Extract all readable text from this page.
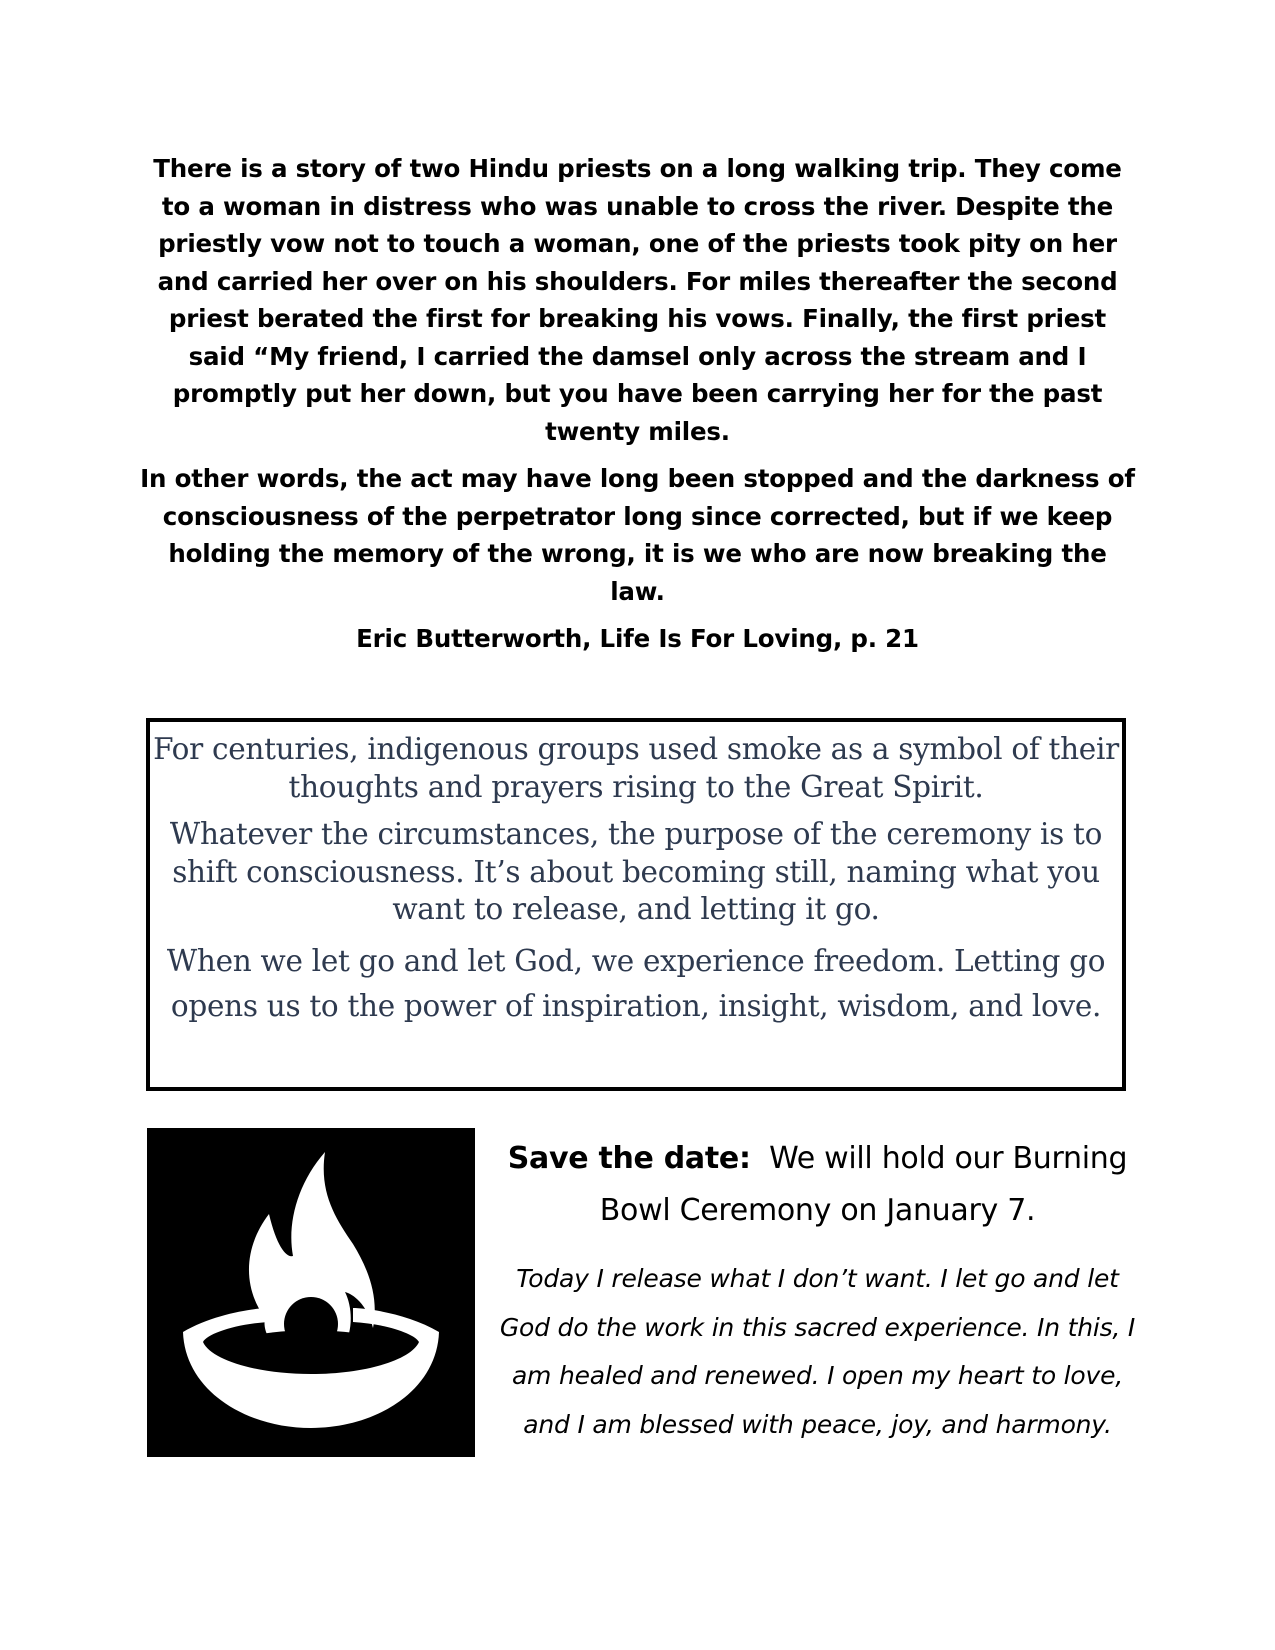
There is a story of two Hindu priests on a long walking trip. They come to a woman in distress who was unable to cross the river. Despite the priestly vow not to touch a woman, one of the priests took pity on her and carried her over on his shoulders. For miles thereafter the second priest berated the first for breaking his vows. Finally, the first priest said “My friend, I carried the damsel only across the stream and I promptly put her down, but you have been carrying her for the past twenty miles.

In other words, the act may have long been stopped and the darkness of consciousness of the perpetrator long since corrected, but if we keep holding the memory of the wrong, it is we who are now breaking the law.

Eric Butterworth, Life Is For Loving, p. 21

For centuries, indigenous groups used smoke as a symbol of their thoughts and prayers rising to the Great Spirit.

Whatever the circumstances, the purpose of the ceremony is to shift consciousness. It’s about becoming still, naming what you want to release, and letting it go.

When we let go and let God, we experience freedom. Letting go opens us to the power of inspiration, insight, wisdom, and love.

Save the date: We will hold our Burning Bowl Ceremony on January 7.

Today I release what I don’t want. I let go and let God do the work in this sacred experience. In this, I am healed and renewed. I open my heart to love, and I am blessed with peace, joy, and harmony.
